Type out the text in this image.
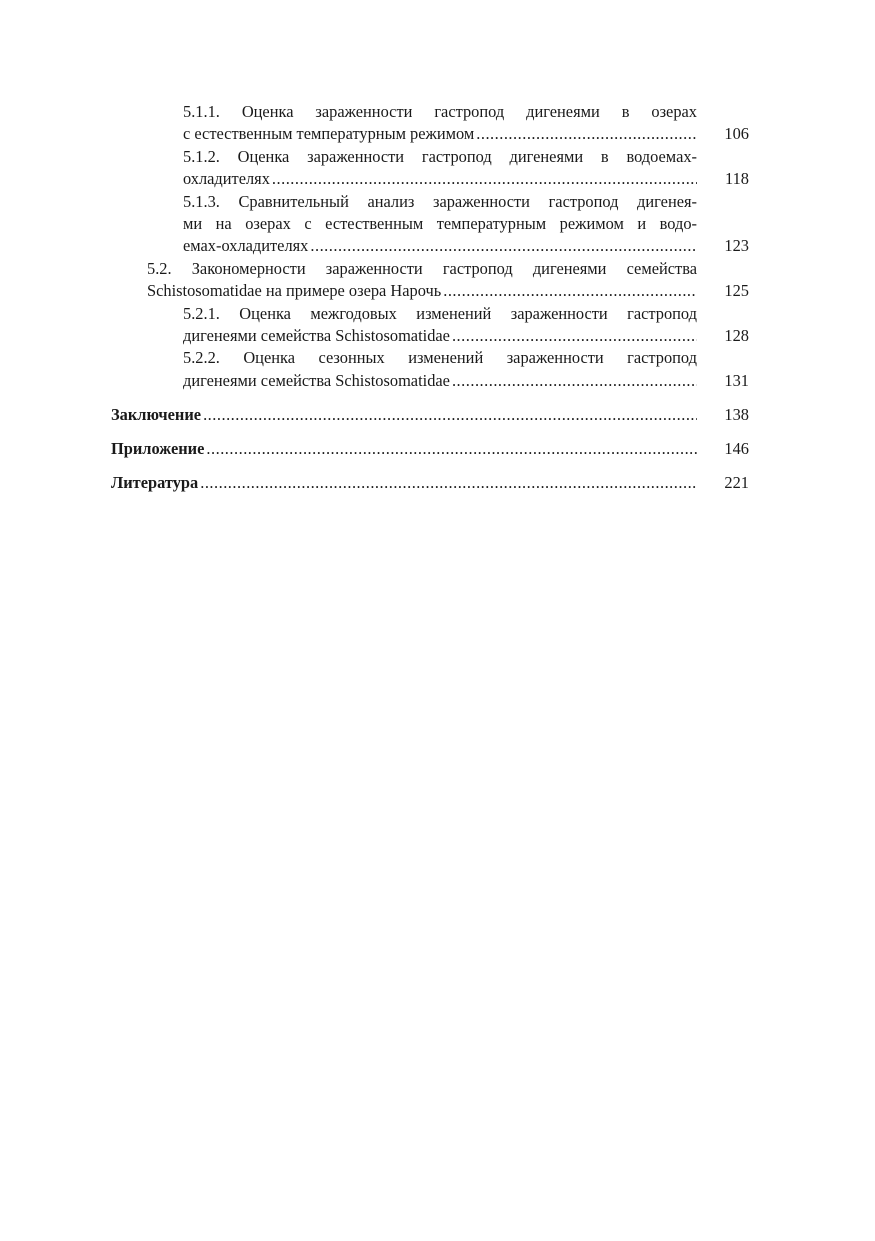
5.1.1. Оценка зараженности гастропод дигенеями в озерах
с естественным температурным режимом .....	106
5.1.2. Оценка зараженности гастропод дигенеями в водоемах-
охладителях .....	118
5.1.3. Сравнительный анализ зараженности гастропод дигенея-
ми на озерах с естественным температурным режимом и водо-
емах-охладителях .....	123
5.2. Закономерности зараженности гастропод дигенеями семейства
Schistosomatidae на примере озера Нарочь .....	125
5.2.1. Оценка межгодовых изменений зараженности гастропод
дигенеями семейства Schistosomatidae .....	128
5.2.2. Оценка сезонных изменений зараженности гастропод
дигенеями семейства Schistosomatidae .....	131
Заключение .....	138
Приложение .....	146
Литература .....	221
